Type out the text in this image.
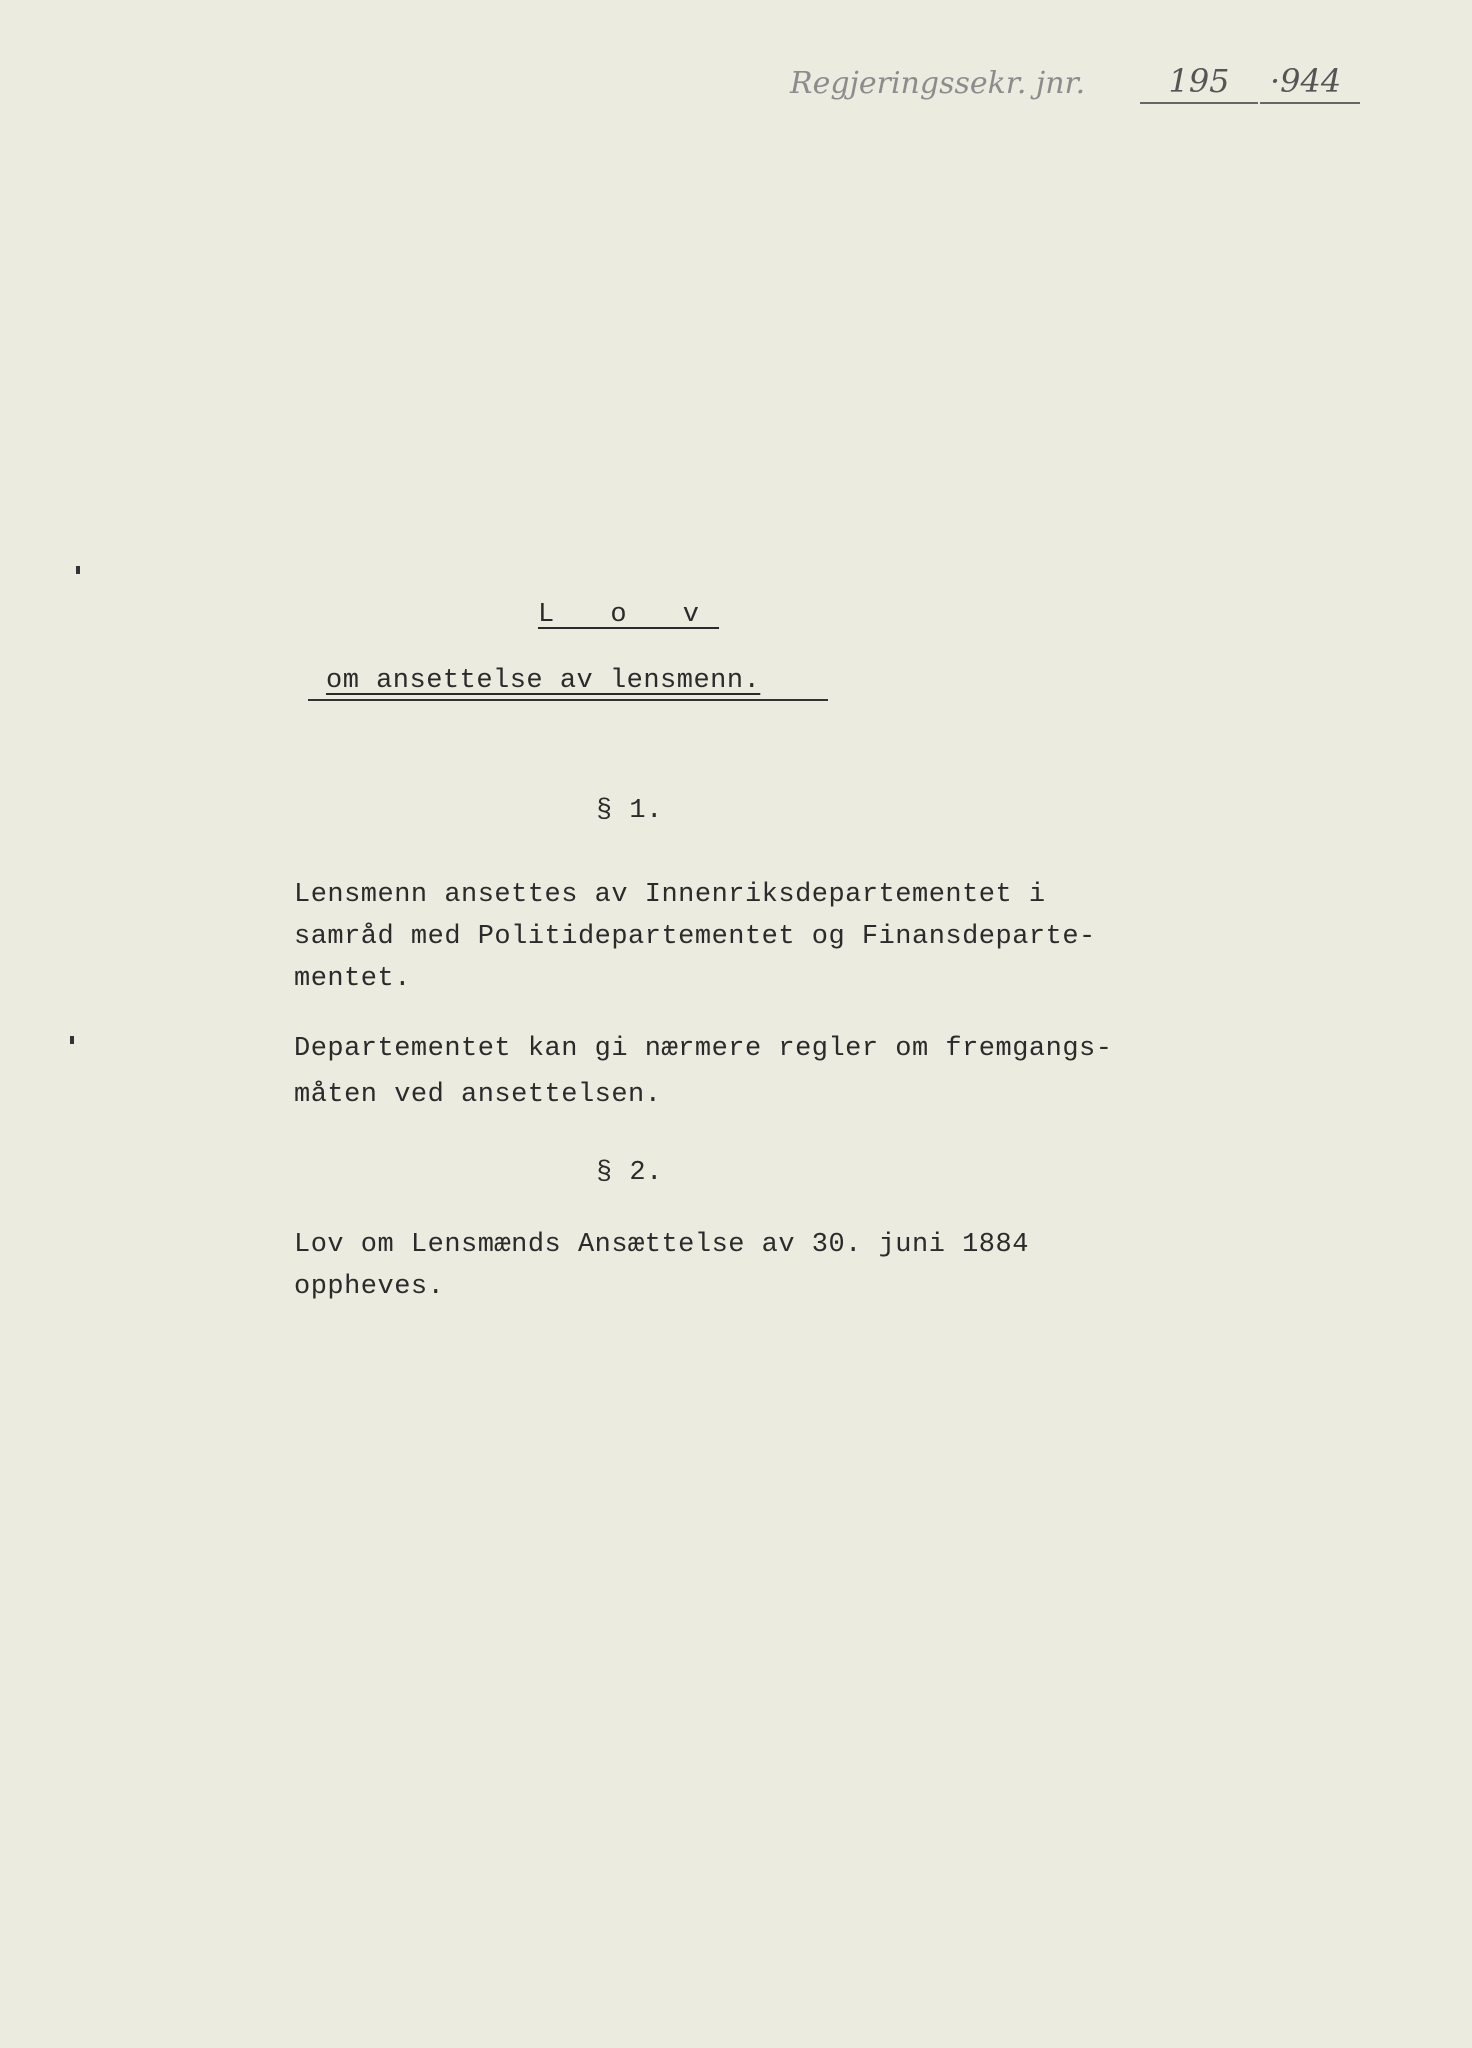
Regjeringssekr. jnr.	195	·944
L o v
om ansettelse av lensmenn.
§ 1.
Lensmenn ansettes av Innenriksdepartementet i
samråd med Politidepartementet og Finansdeparte-
mentet.
Departementet kan gi nærmere regler om fremgangs-
måten ved ansettelsen.
§ 2.
Lov om Lensmænds Ansættelse av 30. juni 1884
oppheves.
